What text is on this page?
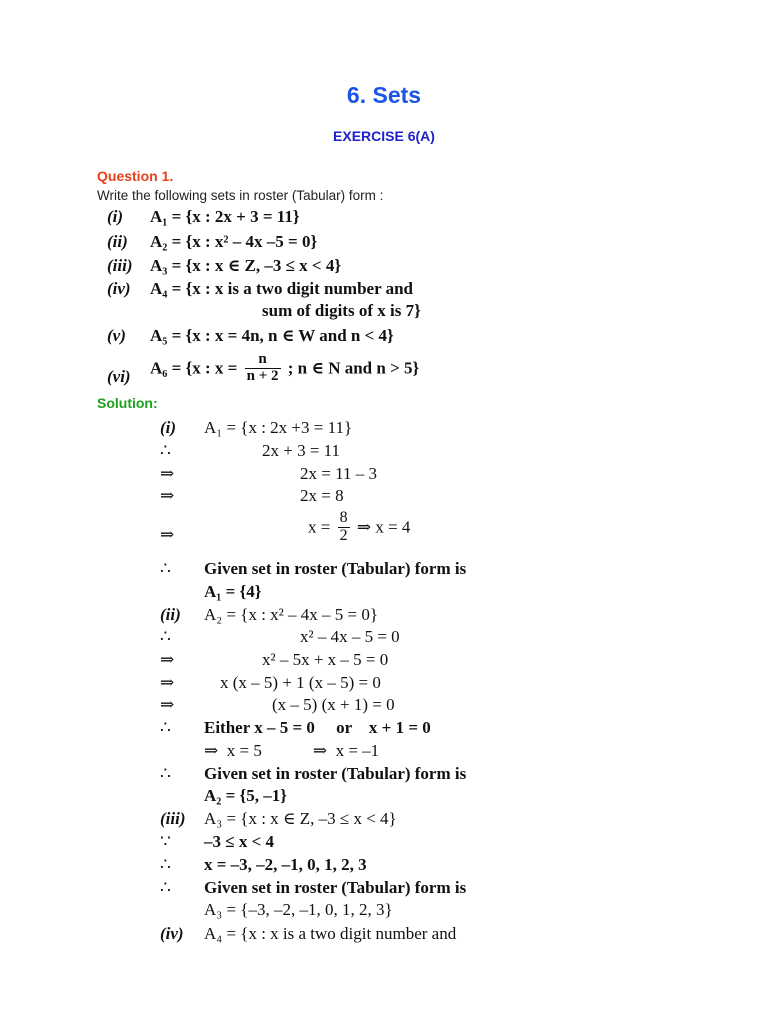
6. Sets
EXERCISE 6(A)
Question 1.
Write the following sets in roster (Tabular) form :
(i) A₁ = {x : 2x + 3 = 11}
(ii) A₂ = {x : x² – 4x –5 = 0}
(iii) A₃ = {x : x ∈ Z, –3 ≤ x < 4}
(iv) A₄ = {x : x is a two digit number and
sum of digits of x is 7}
(v) A₅ = {x : x = 4n, n ∈ W and n < 4}
(vi) A₆ = {x : $x = \frac{n}{n + 2}$ ; n ∈ N and n > 5}
Solution:
(i) A₁ = {x : 2x +3 = 11}
∴	2x + 3 = 11
⇒	2x = 11 – 3
⇒	2x = 8
⇒	$x = \frac{8}{2}$ ⇒ x = 4
∴ Given set in roster (Tabular) form is
A₁ = {4}
(ii) A₂ = {x : x² – 4x – 5 = 0}
∴	x² – 4x – 5 = 0
⇒	x² – 5x + x – 5 = 0
⇒	x (x – 5) + 1 (x – 5) = 0
⇒	(x – 5) (x + 1) = 0
∴ Either x – 5 = 0     or    x + 1 = 0
⇒  x = 5            ⇒  x = –1
∴ Given set in roster (Tabular) form is
A₂ = {5, –1}
(iii) A₃ = {x : x ∈ Z, –3 ≤ x < 4}
∵ –3 ≤ x < 4
∴ x = –3, –2, –1, 0, 1, 2, 3
∴ Given set in roster (Tabular) form is
A₃ = {–3, –2, –1, 0, 1, 2, 3}
(iv) A₄ = {x : x is a two digit number and
